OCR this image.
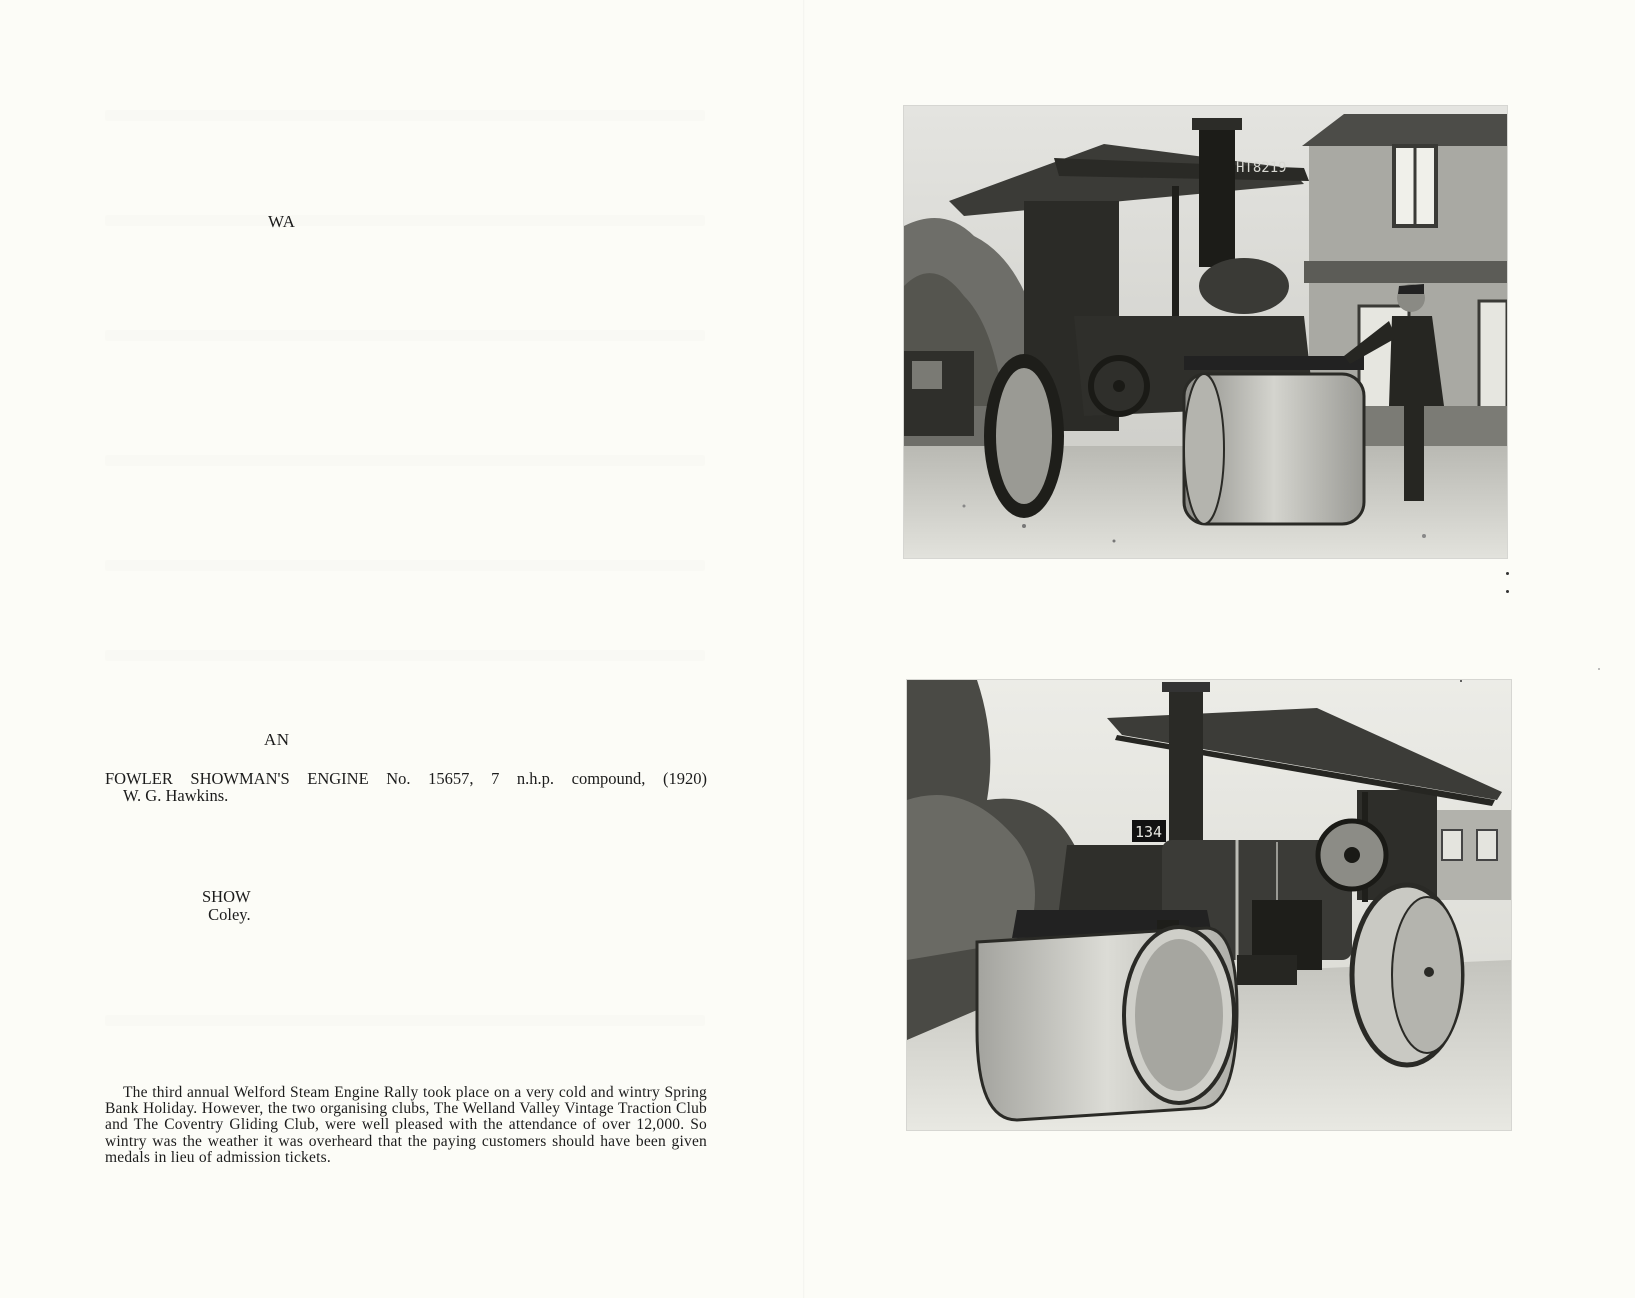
WA
AN
FOWLER SHOWMAN'S ENGINE No. 15657, 7 n.h.p. compound, (1920)
W. G. Hawkins.
SHOW
Coley.
The third annual Welford Steam Engine Rally took place on a very cold and wintry Spring Bank Holiday. However, the two organising clubs, The Welland Valley Vintage Traction Club and The Coventry Gliding Club, were well pleased with the attendance of over 12,000. So wintry was the weather it was overheard that the paying customers should have been given medals in lieu of admission tickets.
HT8219
134
